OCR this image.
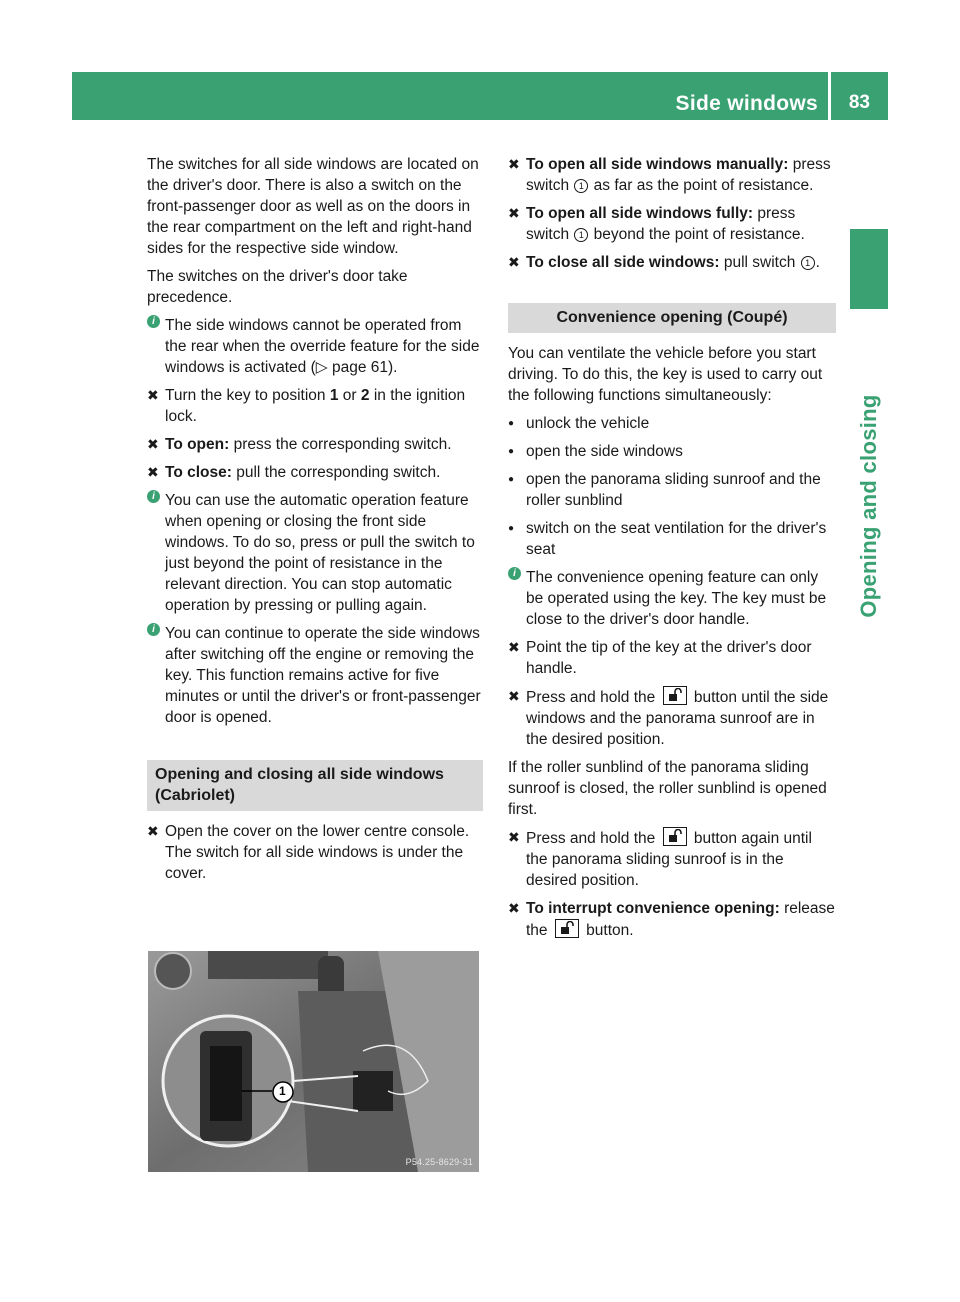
Side windows 83
Opening and closing

The switches for all side windows are located on the driver's door. There is also a switch on the front-passenger door as well as on the doors in the rear compartment on the left and right-hand sides for the respective side window.

The switches on the driver's door take precedence.

i The side windows cannot be operated from the rear when the override feature for the side windows is activated (▷ page 61).
✖ Turn the key to position 1 or 2 in the ignition lock.
✖ To open: press the corresponding switch.
✖ To close: pull the corresponding switch.
i You can use the automatic operation feature when opening or closing the front side windows. To do so, press or pull the switch to just beyond the point of resistance in the relevant direction. You can stop automatic operation by pressing or pulling again.
i You can continue to operate the side windows after switching off the engine or removing the key. This function remains active for five minutes or until the driver's or front-passenger door is opened.
Opening and closing all side windows (Cabriolet)
✖ Open the cover on the lower centre console.
The switch for all side windows is under the cover.
1
P54.25-8629-31
✖ To open all side windows manually: press switch 1 as far as the point of resistance.
✖ To open all side windows fully: press switch 1 beyond the point of resistance.
✖ To close all side windows: pull switch 1 .
Convenience opening (Coupé)

You can ventilate the vehicle before you start driving. To do this, the key is used to carry out the following functions simultaneously:

● unlock the vehicle
● open the side windows
● open the panorama sliding sunroof and the roller sunblind
● switch on the seat ventilation for the driver's seat
i The convenience opening feature can only be operated using the key. The key must be close to the driver's door handle.
✖ Point the tip of the key at the driver's door handle.
✖ Press and hold the
button until the side windows and the panorama sunroof are in the desired position.

If the roller sunblind of the panorama sliding sunroof is closed, the roller sunblind is opened first.

✖ Press and hold the
button again until the panorama sliding sunroof is in the desired position.
✖ To interrupt convenience opening: release the
button.
